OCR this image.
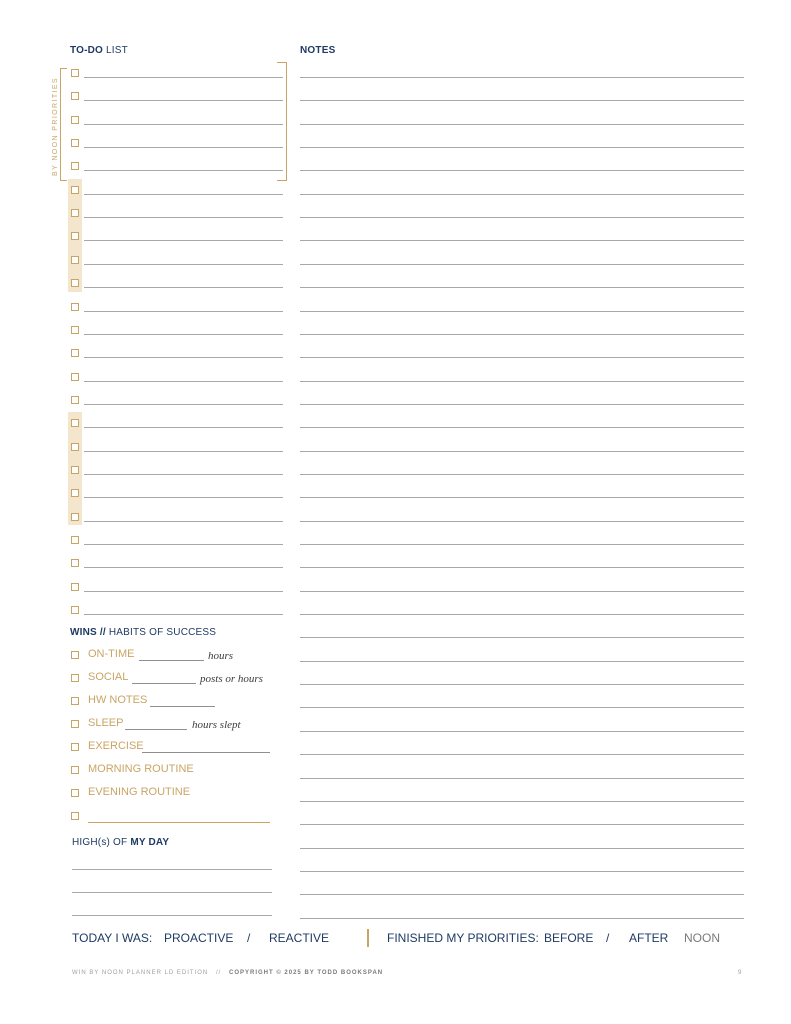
TO-DO LIST	NOTES
BY NOON PRIORITIES
WINS // HABITS OF SUCCESS
ON-TIME	hours
SOCIAL	posts or hours
HW NOTES
SLEEP	hours slept
EXERCISE
MORNING ROUTINE
EVENING ROUTINE
HIGH(s) OF MY DAY
TODAY I WAS: PROACTIVE / REACTIVE	FINISHED MY PRIORITIES: BEFORE / AFTER NOON
WIN BY NOON PLANNER LD EDITION // COPYRIGHT © 2025 BY TODD BOOKSPAN	9
